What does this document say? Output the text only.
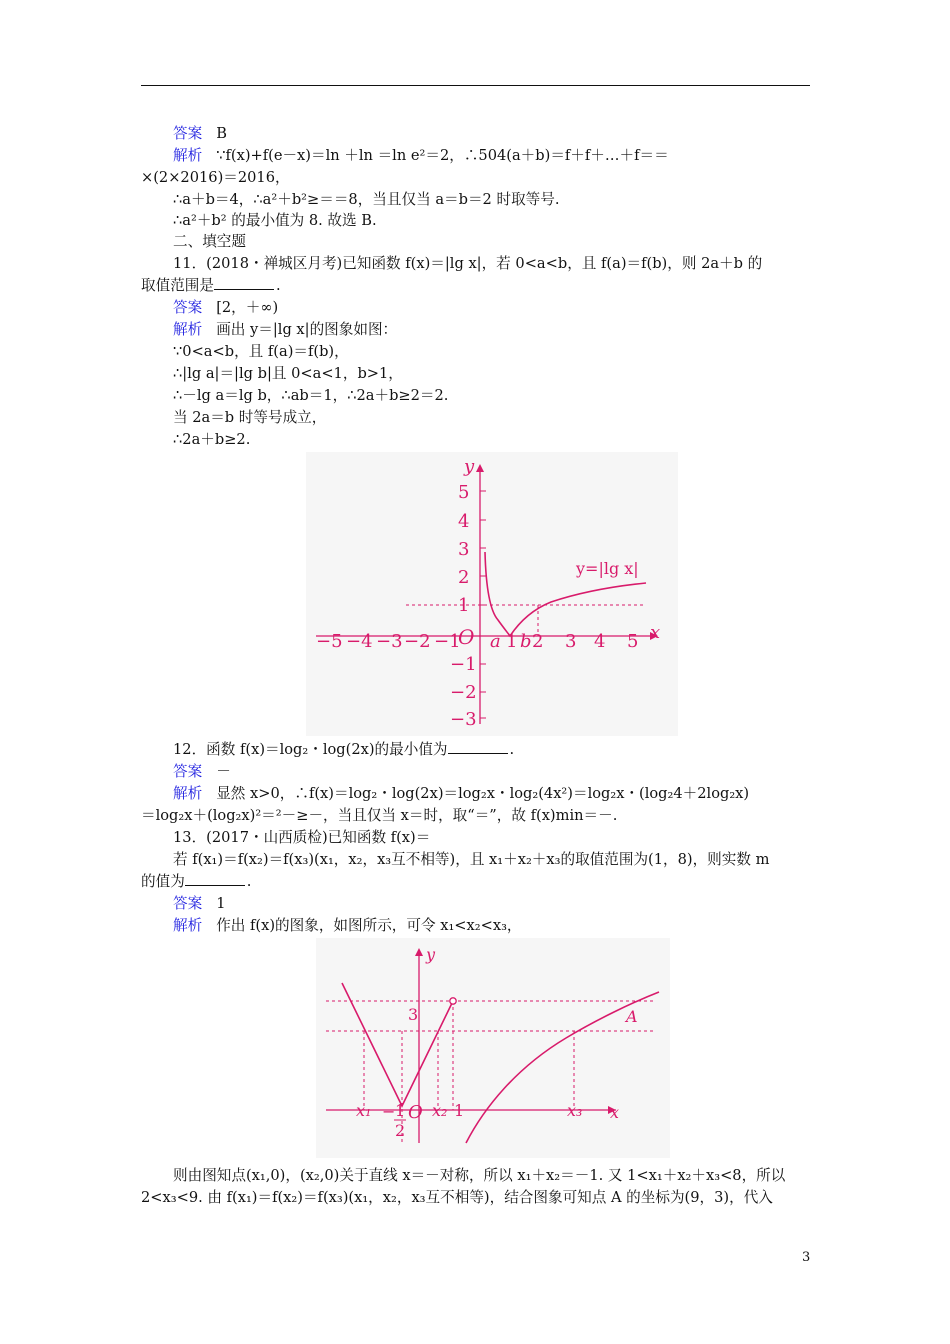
答案 B
解析 ∵f(x)+f(e－x)＝ln ＋ln ＝ln e²＝2，∴504(a＋b)＝f＋f＋…＋f＝＝
×(2×2016)＝2016，
∴a＋b＝4，∴a²＋b²≥＝＝8，当且仅当 a＝b＝2 时取等号.
∴a²＋b² 的最小值为 8. 故选 B.
二、填空题
11．(2018・禅城区月考)已知函数 f(x)＝|lg x|，若 0<a<b，且 f(a)＝f(b)，则 2a＋b 的
取值范围是	.
答案 [2，＋∞)
解析 画出 y＝|lg x|的图象如图：
∵0<a<b，且 f(a)＝f(b)，
∴|lg a|＝|lg b|且 0<a<1，b>1，
∴－lg a＝lg b，∴ab＝1，∴2a＋b≥2＝2.
当 2a＝b 时等号成立，
∴2a＋b≥2.
y
x
O
y=|lg x|
−5 −4 −3 −2 −1 a 1 b 2 3 4 5
5
4
3
2
1
−1
−2
−3
12．函数 f(x)＝log₂・log(2x)的最小值为	.
答案 －
解析 显然 x>0，∴f(x)＝log₂・log(2x)＝log₂x・log₂(4x²)＝log₂x・(log₂4＋2log₂x)
＝log₂x＋(log₂x)²＝²－≥－，当且仅当 x＝时，取“＝”，故 f(x)min＝－.
13．(2017・山西质检)已知函数 f(x)＝
若 f(x₁)＝f(x₂)＝f(x₃)(x₁，x₂，x₃互不相等)，且 x₁＋x₂＋x₃的取值范围为(1，8)，则实数 m
的值为	.
答案 1
解析 作出 f(x)的图象，如图所示，可令 x₁<x₂<x₃，
y
x
3	A
x₁	x₂ 1	x₃
− 1
2
O
则由图知点(x₁,0)，(x₂,0)关于直线 x＝－对称，所以 x₁＋x₂＝－1. 又 1<x₁＋x₂＋x₃<8，所以
2<x₃<9. 由 f(x₁)＝f(x₂)＝f(x₃)(x₁，x₂，x₃互不相等)，结合图象可知点 A 的坐标为(9，3)，代入
3
